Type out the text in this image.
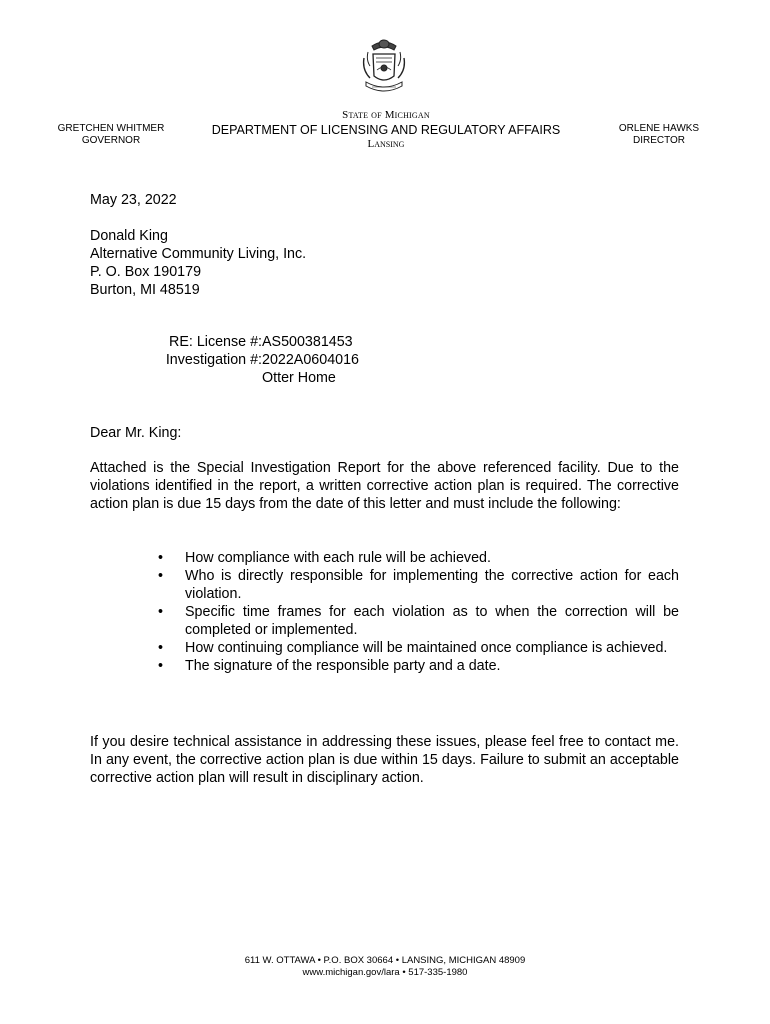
GRETCHEN WHITMER
GOVERNOR
State of Michigan
DEPARTMENT OF LICENSING AND REGULATORY AFFAIRS
Lansing
ORLENE HAWKS
DIRECTOR
May 23, 2022
Donald King
Alternative Community Living, Inc.
P. O. Box 190179
Burton, MI 48519
RE: License #: AS500381453
Investigation #: 2022A0604016
Otter Home
Dear Mr. King:
Attached is the Special Investigation Report for the above referenced facility. Due to the violations identified in the report, a written corrective action plan is required. The corrective action plan is due 15 days from the date of this letter and must include the following:
•	How compliance with each rule will be achieved.
•	Who is directly responsible for implementing the corrective action for each violation.
•	Specific time frames for each violation as to when the correction will be completed or implemented.
•	How continuing compliance will be maintained once compliance is achieved.
•	The signature of the responsible party and a date.
If you desire technical assistance in addressing these issues, please feel free to contact me. In any event, the corrective action plan is due within 15 days. Failure to submit an acceptable corrective action plan will result in disciplinary action.
611 W. OTTAWA • P.O. BOX 30664 • LANSING, MICHIGAN 48909
www.michigan.gov/lara • 517-335-1980
